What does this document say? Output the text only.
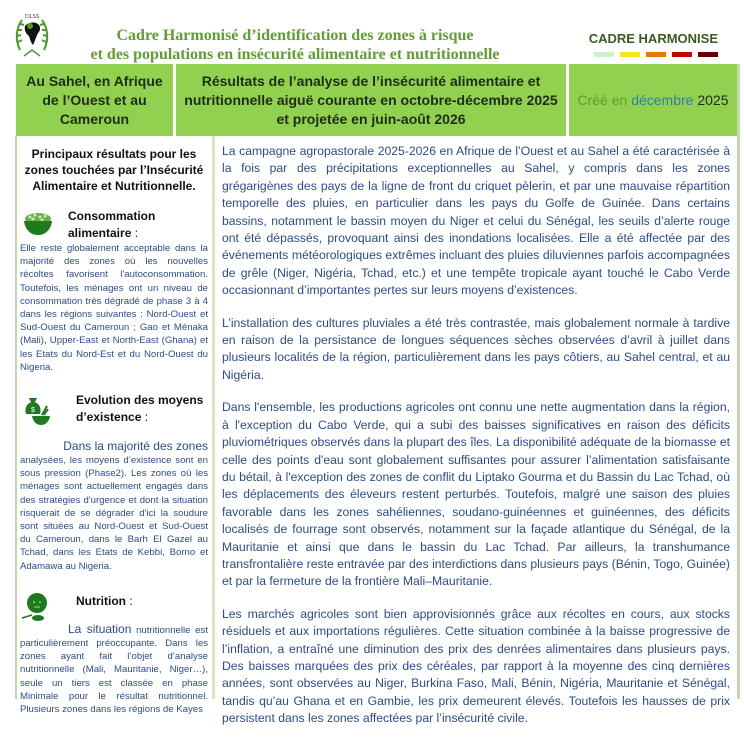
CILSS
Cadre Harmonisé d’identification des zones à risque
et des populations en insécurité alimentaire et nutritionnelle
CADRE HARMONISE
Au Sahel, en Afrique de l’Ouest et au Cameroun
Résultats de l’analyse de l’insécurité alimentaire et nutritionnelle aiguë courante en octobre-décembre 2025 et projetée en juin-août 2026
Créé en
décembre
2025
Principaux résultats pour les zones touchées par l’Insécurité Alimentaire et Nutritionnelle.
Consommation alimentaire :
Elle reste globalement acceptable dans la majorité des zones où les nouvelles récoltes favorisent l'autoconsommation. Toutefois, les ménages ont un niveau de consommation très dégradé de phase 3 à 4 dans les régions suivantes : Nord-Ouest et Sud-Ouest du Cameroun ; Gao et Ménaka (Mali), Upper-East et North-East (Ghana) et les Etats du Nord-Est et du Nord-Ouest du Nigeria.
$
Evolution des moyens d’existence :
Dans la majorité des zones
analysées, les moyens d’existence sont en sous pression (Phase2). Les zones où les ménages sont actuellement engagés dans des stratégies d'urgence et dont la situation risquerait de se dégrader d'ici la soudure sont situées au Nord-Ouest et Sud-Ouest du Cameroun, dans le Barh El Gazel au Tchad, dans les Etats de Kebbi, Borno et Adamawa au Nigeria.
Nutrition :
La situation nutritionnelle est particulièrement préoccupante. Dans les zones ayant fait l’objet d’analyse nutritionnelle (Mali, Mauritanie, Niger…), seule un tiers est classée en phase Minimale pour le résultat nutritionnel. Plusieurs zones dans les régions de Kayes

La campagne agropastorale 2025-2026 en Afrique de l’Ouest et au Sahel a été caractérisée à la fois par des précipitations exceptionnelles au Sahel, y compris dans les zones grégarigènes des pays de la ligne de front du criquet pèlerin, et par une mauvaise répartition temporelle des pluies, en particulier dans les pays du Golfe de Guinée. Dans certains bassins, notamment le bassin moyen du Niger et celui du Sénégal, les seuils d’alerte rouge ont été dépassés, provoquant ainsi des inondations localisées. Elle a été affectée par des événements météorologiques extrêmes incluant des pluies diluviennes parfois accompagnées de grêle (Niger, Nigéria, Tchad, etc.) et une tempête tropicale ayant touché le Cabo Verde occasionnant d’importantes pertes sur leurs moyens d’existences.

L’installation des cultures pluviales a été très contrastée, mais globalement normale à tardive en raison de la persistance de longues séquences sèches observées d’avril à juillet dans plusieurs localités de la région, particulièrement dans les pays côtiers, au Sahel central, et au Nigéria.

Dans l'ensemble, les productions agricoles ont connu une nette augmentation dans la région, à l'exception du Cabo Verde, qui a subi des baisses significatives en raison des déficits pluviométriques observés dans la plupart des îles. La disponibilité adéquate de la biomasse et celle des points d'eau sont globalement suffisantes pour assurer l’alimentation satisfaisante du bétail, à l'exception des zones de conflit du Liptako Gourma et du Bassin du Lac Tchad, où les déplacements des éleveurs restent perturbés. Toutefois, malgré une saison des pluies favorable dans les zones sahéliennes, soudano-guinéennes et guinéennes, des déficits localisés de fourrage sont observés, notamment sur la façade atlantique du Sénégal, de la Mauritanie et ainsi que dans le bassin du Lac Tchad. Par ailleurs, la transhumance transfrontalière reste entravée par des interdictions dans plusieurs pays (Bénin, Togo, Guinée) et par la fermeture de la frontière Mali–Mauritanie.

Les marchés agricoles sont bien approvisionnés grâce aux récoltes en cours, aux stocks résiduels et aux importations régulières. Cette situation combinée à la baisse progressive de l’inflation, a entraîné une diminution des prix des denrées alimentaires dans plusieurs pays. Des baisses marquées des prix des céréales, par rapport à la moyenne des cinq dernières années, sont observées au Niger, Burkina Faso, Mali, Bénin, Nigéria, Mauritanie et Sénégal, tandis qu’au Ghana et en Gambie, les prix demeurent élevés. Toutefois les hausses de prix persistent dans les zones affectées par l’insécurité civile.
